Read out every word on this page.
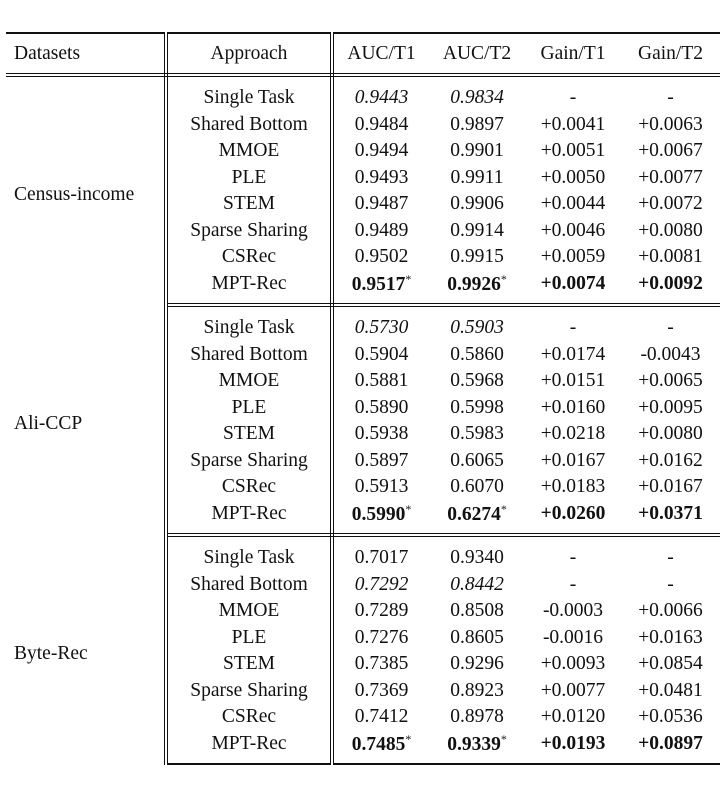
Datasets	Approach	AUC/T1	AUC/T2	Gain/T1	Gain/T2
Census-income	Single Task	0.9443	0.9834	-	-
	Shared Bottom	0.9484	0.9897	+0.0041	+0.0063
	MMOE	0.9494	0.9901	+0.0051	+0.0067
	PLE	0.9493	0.9911	+0.0050	+0.0077
	STEM	0.9487	0.9906	+0.0044	+0.0072
	Sparse Sharing	0.9489	0.9914	+0.0046	+0.0080
	CSRec	0.9502	0.9915	+0.0059	+0.0081
	MPT-Rec	0.9517*	0.9926*	+0.0074	+0.0092
Ali-CCP	Single Task	0.5730	0.5903	-	-
	Shared Bottom	0.5904	0.5860	+0.0174	-0.0043
	MMOE	0.5881	0.5968	+0.0151	+0.0065
	PLE	0.5890	0.5998	+0.0160	+0.0095
	STEM	0.5938	0.5983	+0.0218	+0.0080
	Sparse Sharing	0.5897	0.6065	+0.0167	+0.0162
	CSRec	0.5913	0.6070	+0.0183	+0.0167
	MPT-Rec	0.5990*	0.6274*	+0.0260	+0.0371
Byte-Rec	Single Task	0.7017	0.9340	-	-
	Shared Bottom	0.7292	0.8442	-	-
	MMOE	0.7289	0.8508	-0.0003	+0.0066
	PLE	0.7276	0.8605	-0.0016	+0.0163
	STEM	0.7385	0.9296	+0.0093	+0.0854
	Sparse Sharing	0.7369	0.8923	+0.0077	+0.0481
	CSRec	0.7412	0.8978	+0.0120	+0.0536
	MPT-Rec	0.7485*	0.9339*	+0.0193	+0.0897
